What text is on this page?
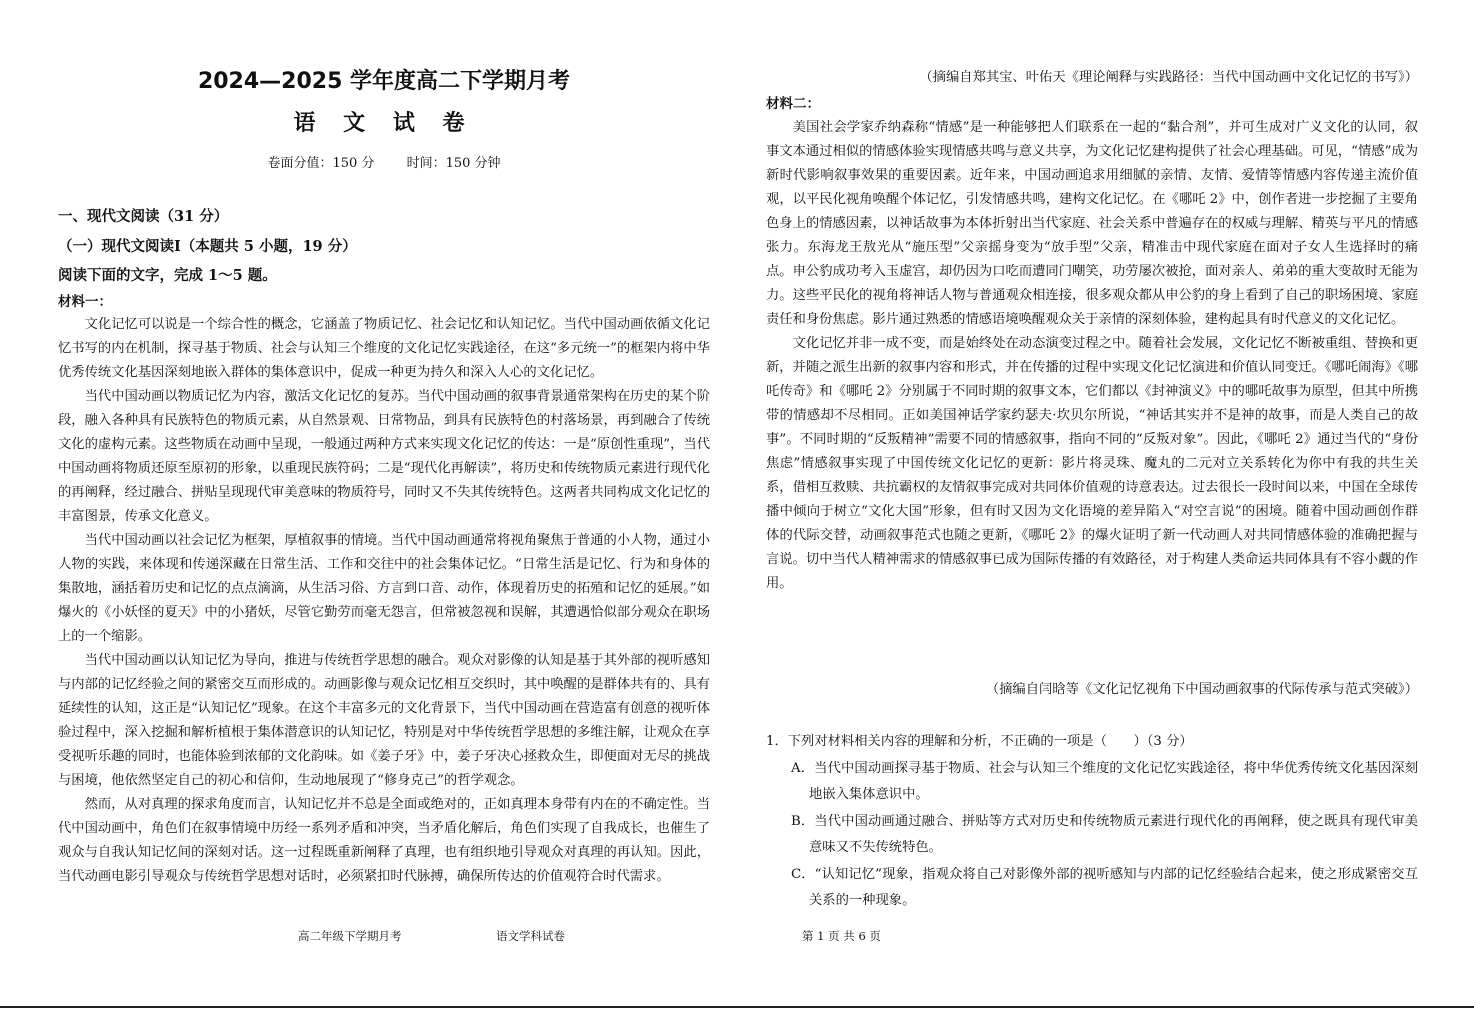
2024—2025 学年度高二下学期月考
语 文 试 卷
卷面分值：150 分 时间：150 分钟
一、现代文阅读（31 分）
（一）现代文阅读Ⅰ（本题共 5 小题，19 分）
阅读下面的文字，完成 1～5 题。
材料一：

文化记忆可以说是一个综合性的概念，它涵盖了物质记忆、社会记忆和认知记忆。当代中国动画依循文化记忆书写的内在机制，探寻基于物质、社会与认知三个维度的文化记忆实践途径，在这“多元统一”的框架内将中华优秀传统文化基因深刻地嵌入群体的集体意识中，促成一种更为持久和深入人心的文化记忆。

当代中国动画以物质记忆为内容，激活文化记忆的复苏。当代中国动画的叙事背景通常架构在历史的某个阶段，融入各种具有民族特色的物质元素，从自然景观、日常物品，到具有民族特色的村落场景，再到融合了传统文化的虚构元素。这些物质在动画中呈现，一般通过两种方式来实现文化记忆的传达：一是“原创性重现”，当代中国动画将物质还原至原初的形象，以重现民族符码；二是“现代化再解读”，将历史和传统物质元素进行现代化的再阐释，经过融合、拼贴呈现现代审美意味的物质符号，同时又不失其传统特色。这两者共同构成文化记忆的丰富图景，传承文化意义。

当代中国动画以社会记忆为框架，厚植叙事的情境。当代中国动画通常将视角聚焦于普通的小人物，通过小人物的实践，来体现和传递深藏在日常生活、工作和交往中的社会集体记忆。“日常生活是记忆、行为和身体的集散地，涵括着历史和记忆的点点滴滴，从生活习俗、方言到口音、动作，体现着历史的拓殖和记忆的延展。”如爆火的《小妖怪的夏天》中的小猪妖，尽管它勤劳而毫无怨言，但常被忽视和误解，其遭遇恰似部分观众在职场上的一个缩影。

当代中国动画以认知记忆为导向，推进与传统哲学思想的融合。观众对影像的认知是基于其外部的视听感知与内部的记忆经验之间的紧密交互而形成的。动画影像与观众记忆相互交织时，其中唤醒的是群体共有的、具有延续性的认知，这正是“认知记忆”现象。在这个丰富多元的文化背景下，当代中国动画在营造富有创意的视听体验过程中，深入挖掘和解析植根于集体潜意识的认知记忆，特别是对中华传统哲学思想的多维注解，让观众在享受视听乐趣的同时，也能体验到浓郁的文化韵味。如《姜子牙》中，姜子牙决心拯救众生，即便面对无尽的挑战与困境，他依然坚定自己的初心和信仰，生动地展现了“修身克己”的哲学观念。

然而，从对真理的探求角度而言，认知记忆并不总是全面或绝对的，正如真理本身带有内在的不确定性。当代中国动画中，角色们在叙事情境中历经一系列矛盾和冲突，当矛盾化解后，角色们实现了自我成长，也催生了观众与自我认知记忆间的深刻对话。这一过程既重新阐释了真理，也有组织地引导观众对真理的再认知。因此，当代动画电影引导观众与传统哲学思想对话时，必须紧扣时代脉搏，确保所传达的价值观符合时代需求。

高二年级下学期月考	语文学科试卷
（摘编自郑其宝、叶佑天《理论阐释与实践路径：当代中国动画中文化记忆的书写》）
材料二：

美国社会学家乔纳森称“情感”是一种能够把人们联系在一起的“黏合剂”，并可生成对广义文化的认同，叙事文本通过相似的情感体验实现情感共鸣与意义共享，为文化记忆建构提供了社会心理基础。可见，“情感”成为新时代影响叙事效果的重要因素。近年来，中国动画追求用细腻的亲情、友情、爱情等情感内容传递主流价值观，以平民化视角唤醒个体记忆，引发情感共鸣，建构文化记忆。在《哪吒 2》中，创作者进一步挖掘了主要角色身上的情感因素，以神话故事为本体折射出当代家庭、社会关系中普遍存在的权威与理解、精英与平凡的情感张力。东海龙王敖光从“施压型”父亲摇身变为“放手型”父亲，精准击中现代家庭在面对子女人生选择时的痛点。申公豹成功考入玉虚宫，却仍因为口吃而遭同门嘲笑，功劳屡次被抢，面对亲人、弟弟的重大变故时无能为力。这些平民化的视角将神话人物与普通观众相连接，很多观众都从申公豹的身上看到了自己的职场困境、家庭责任和身份焦虑。影片通过熟悉的情感语境唤醒观众关于亲情的深刻体验，建构起具有时代意义的文化记忆。

文化记忆并非一成不变，而是始终处在动态演变过程之中。随着社会发展，文化记忆不断被重组、替换和更新，并随之派生出新的叙事内容和形式，并在传播的过程中实现文化记忆演进和价值认同变迁。《哪吒闹海》《哪吒传奇》和《哪吒 2》分别属于不同时期的叙事文本，它们都以《封神演义》中的哪吒故事为原型，但其中所携带的情感却不尽相同。正如美国神话学家约瑟夫·坎贝尔所说，“神话其实并不是神的故事，而是人类自己的故事”。不同时期的“反叛精神”需要不同的情感叙事，指向不同的“反叛对象”。因此，《哪吒 2》通过当代的“身份焦虑”情感叙事实现了中国传统文化记忆的更新：影片将灵珠、魔丸的二元对立关系转化为你中有我的共生关系，借相互救赎、共抗霸权的友情叙事完成对共同体价值观的诗意表达。过去很长一段时间以来，中国在全球传播中倾向于树立“文化大国”形象，但有时又因为文化语境的差异陷入“对空言说”的困境。随着中国动画创作群体的代际交替，动画叙事范式也随之更新，《哪吒 2》的爆火证明了新一代动画人对共同情感体验的准确把握与言说。切中当代人精神需求的情感叙事已成为国际传播的有效路径，对于构建人类命运共同体具有不容小觑的作用。

（摘编自闫晗等《文化记忆视角下中国动画叙事的代际传承与范式突破》）

1．下列对材料相关内容的理解和分析，不正确的一项是（　　）（3 分）

A．当代中国动画探寻基于物质、社会与认知三个维度的文化记忆实践途径，将中华优秀传统文化基因深刻地嵌入集体意识中。

B．当代中国动画通过融合、拼贴等方式对历史和传统物质元素进行现代化的再阐释，使之既具有现代审美意味又不失传统特色。

C．“认知记忆”现象，指观众将自己对影像外部的视听感知与内部的记忆经验结合起来，使之形成紧密交互关系的一种现象。

第 1 页 共 6 页
